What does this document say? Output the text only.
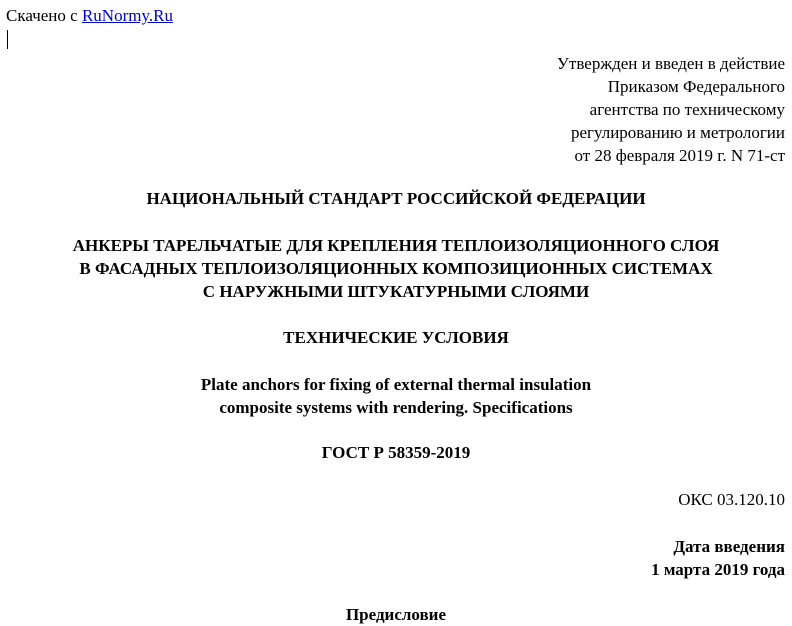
Скачено с RuNormy.Ru
Утвержден и введен в действие
Приказом Федерального
агентства по техническому
регулированию и метрологии
от 28 февраля 2019 г. N 71-ст
НАЦИОНАЛЬНЫЙ СТАНДАРТ РОССИЙСКОЙ ФЕДЕРАЦИИ
АНКЕРЫ ТАРЕЛЬЧАТЫЕ ДЛЯ КРЕПЛЕНИЯ ТЕПЛОИЗОЛЯЦИОННОГО СЛОЯ
В ФАСАДНЫХ ТЕПЛОИЗОЛЯЦИОННЫХ КОМПОЗИЦИОННЫХ СИСТЕМАХ
С НАРУЖНЫМИ ШТУКАТУРНЫМИ СЛОЯМИ
ТЕХНИЧЕСКИЕ УСЛОВИЯ
Plate anchors for fixing of external thermal insulation
composite systems with rendering. Specifications
ГОСТ Р 58359-2019
ОКС 03.120.10
Дата введения
1 марта 2019 года
Предисловие
